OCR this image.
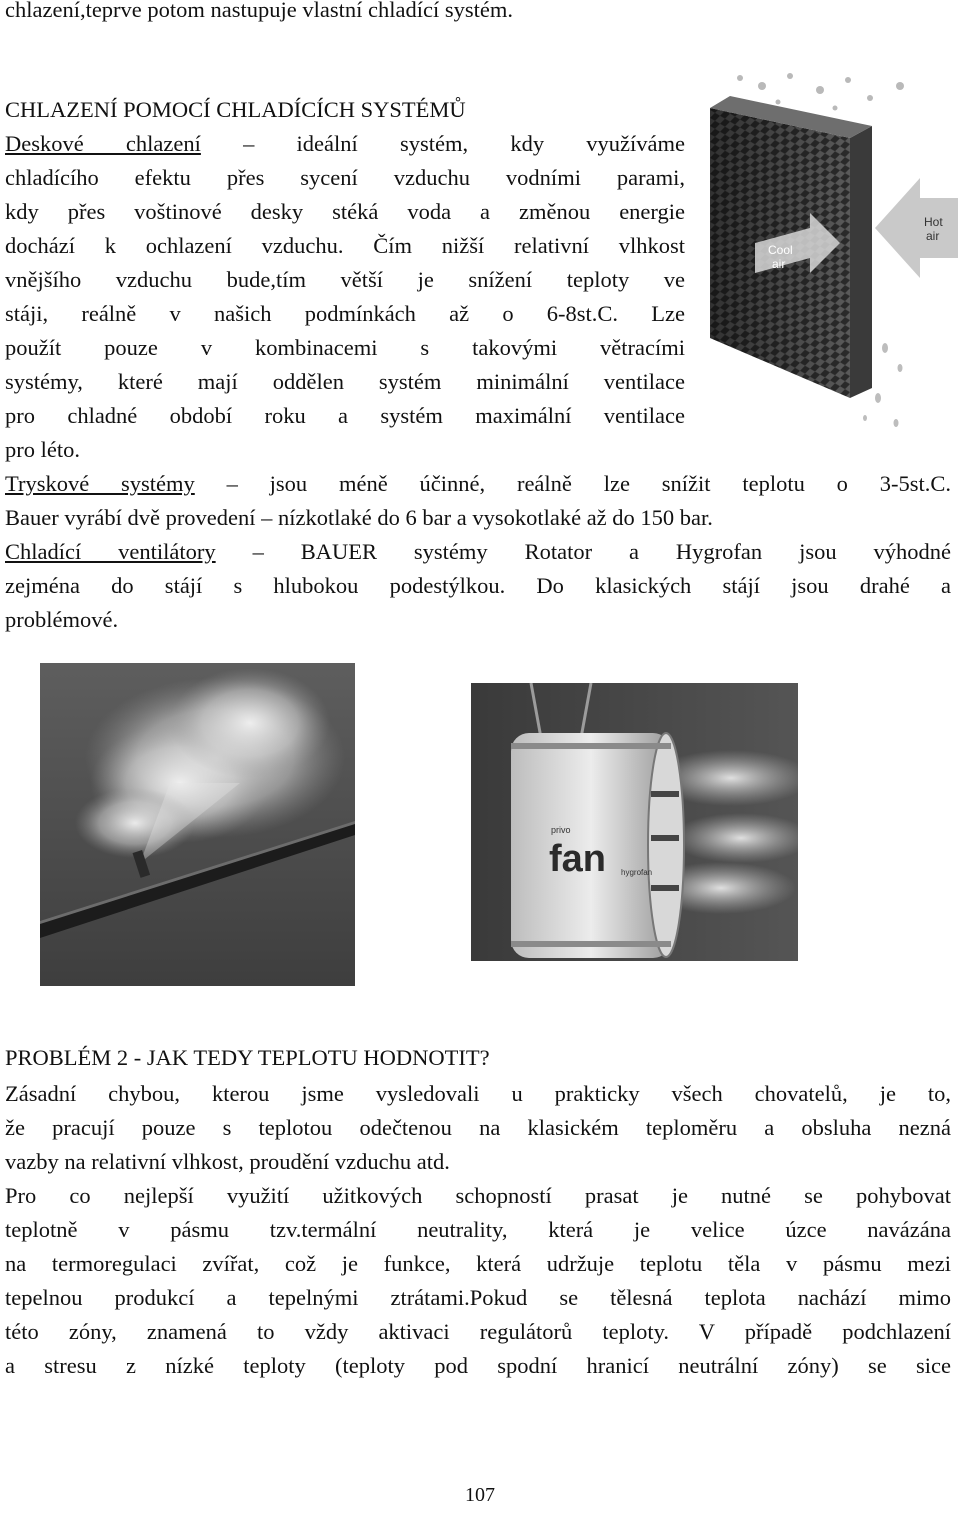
chlazení,teprve potom nastupuje vlastní chladící systém.
CHLAZENÍ POMOCÍ CHLADÍCÍCH SYSTÉMŮ
Deskové chlazení – ideální systém, kdy využíváme
chladícího efektu přes sycení vzduchu vodními parami,
kdy přes voštinové desky stéká voda a změnou energie
dochází k ochlazení vzduchu. Čím nižší relativní vlhkost
vnějšího vzduchu bude,tím větší je snížení teploty ve
stáji, reálně v našich podmínkách až o 6-8st.C. Lze
použít pouze v kombinacemi s takovými větracími
systémy, které mají oddělen systém minimální ventilace
pro chladné období roku a systém maximální ventilace
pro léto.
Cool
air
Hot
air
Tryskové systémy – jsou méně účinné, reálně lze snížit teplotu o 3-5st.C.
Bauer vyrábí dvě provedení – nízkotlaké do 6 bar a vysokotlaké až do 150 bar.
Chladící ventilátory – BAUER systémy Rotator a Hygrofan jsou výhodné
zejména do stájí s hlubokou podestýlkou. Do klasických stájí jsou drahé a
problémové.
fan
privo
hygrofan
PROBLÉM 2 - JAK TEDY TEPLOTU HODNOTIT?
Zásadní chybou, kterou jsme vysledovali u prakticky všech chovatelů, je to,
že pracují pouze s teplotou odečtenou na klasickém teploměru a obsluha nezná
vazby na relativní vlhkost, proudění vzduchu atd.
Pro co nejlepší využití užitkových schopností prasat je nutné se pohybovat
teplotně v pásmu tzv.termální neutrality, která je velice úzce navázána
na termoregulaci zvířat, což je funkce, která udržuje teplotu těla v pásmu mezi
tepelnou produkcí a tepelnými ztrátami.Pokud se tělesná teplota nachází mimo
této zóny, znamená to vždy aktivaci regulátorů teploty. V případě podchlazení
a stresu z nízké teploty (teploty pod spodní hranicí neutrální zóny) se sice
107
